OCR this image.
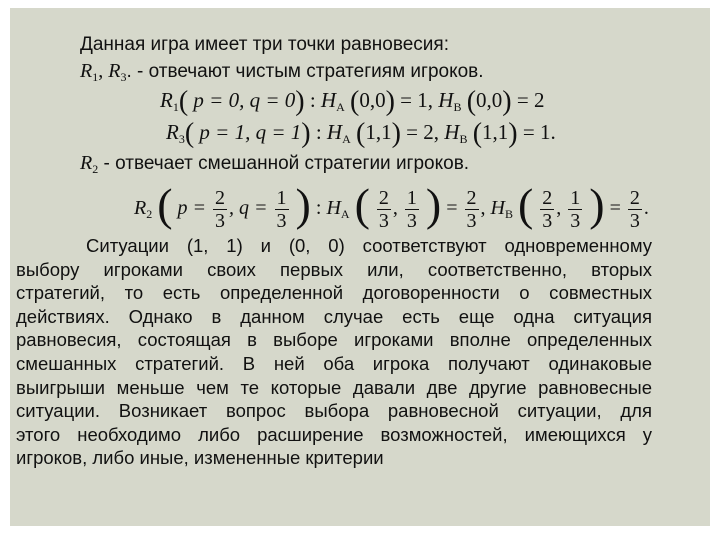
Данная игра имеет три точки равновесия:
$R_1$, $R_3$. - отвечают чистым стратегиям игроков.
$R_1$( p = 0, q = 0) : $H_A$ (0,0) = 1, $H_B$ (0,0) = 2
$R_3$( p = 1, q = 1) : $H_A$ (1,1) = 2, $H_B$ (1,1) = 1.
$R_2$ - отвечает смешанной стратегии игроков.
$R_2$ ( $p = \frac{2}{3}$ , $q = \frac{1}{3}$ ) : $H_A$ ( $\frac{2}{3}$ , $\frac{1}{3}$ ) = $\frac{2}{3}$ , $H_B$ ( $\frac{2}{3}$ , $\frac{1}{3}$ ) = $\frac{2}{3}$ .
Ситуации (1, 1) и (0, 0) соответствуют одновременному
выбору игроками своих первых или, соответственно, вторых
стратегий, то есть определенной договоренности о совместных
действиях. Однако в данном случае есть еще одна ситуация
равновесия, состоящая в выборе игроками вполне определенных
смешанных стратегий. В ней оба игрока получают одинаковые
выигрыши меньше чем те которые давали две другие равновесные
ситуации. Возникает вопрос выбора равновесной ситуации, для
этого необходимо либо расширение возможностей, имеющихся у
игроков, либо иные, измененные критерии
